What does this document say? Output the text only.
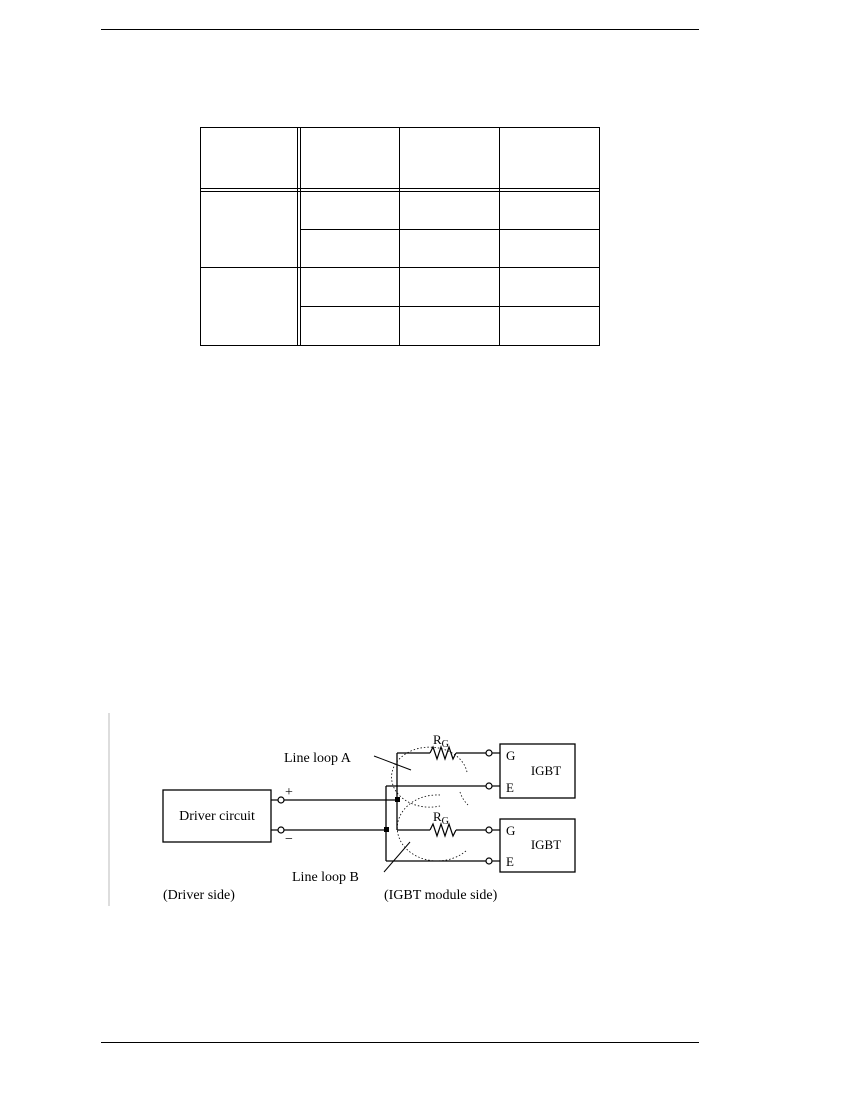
Driver circuit
+
−
$R_G$
$R_G$
G
E
IGBT
G
E
IGBT
Line loop A
Line loop B
(Driver side)	(IGBT module side)
